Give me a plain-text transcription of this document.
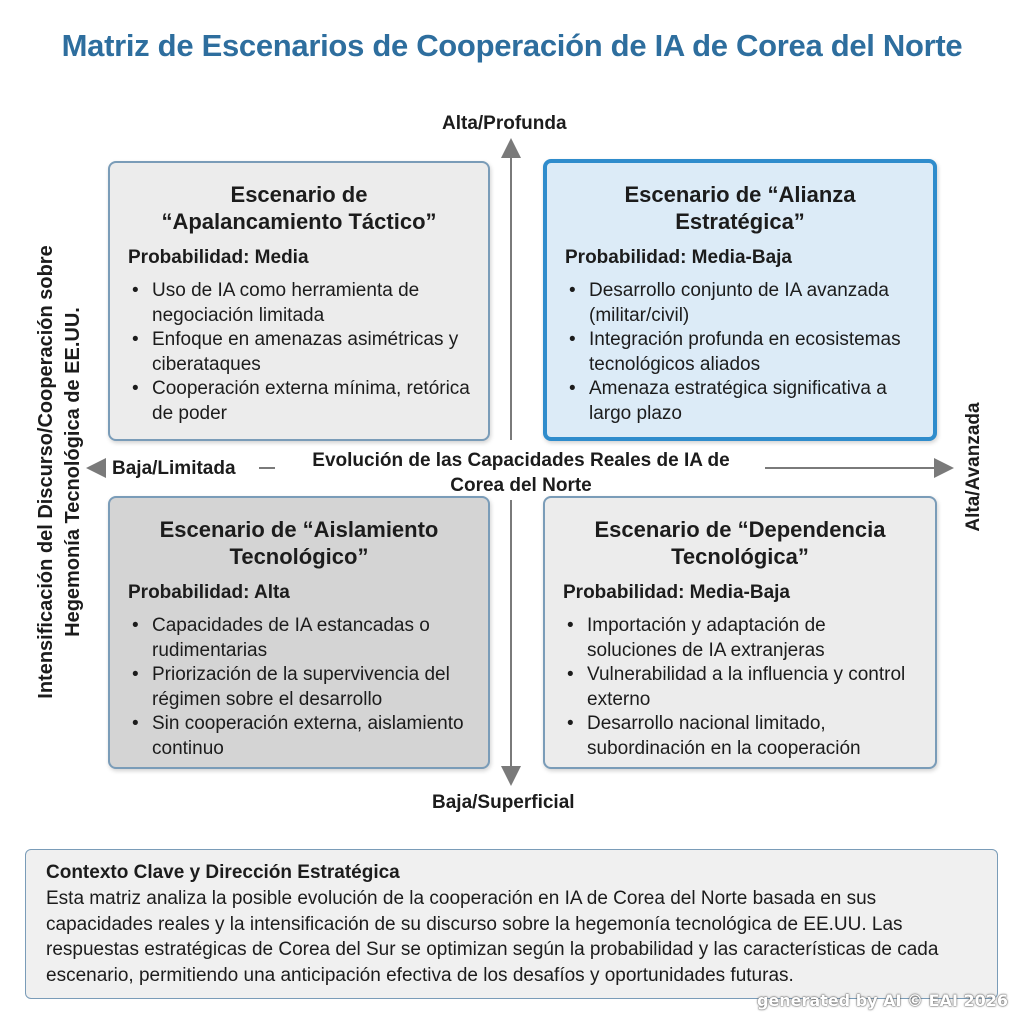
Matriz de Escenarios de Cooperación de IA de Corea del Norte
Alta/Profunda
Baja/Superficial
Baja/Limitada	Alta/Avanzada
Intensificación del Discurso/Cooperación sobre
Hegemonía Tecnológica de EE.UU.
Evolución de las Capacidades Reales de IA de
Corea del Norte
Escenario de
“Apalancamiento Táctico”
Probabilidad: Media
• Uso de IA como herramienta de negociación limitada
• Enfoque en amenazas asimétricas y ciberataques
• Cooperación externa mínima, retórica de poder
Escenario de “Alianza
Estratégica”
Probabilidad: Media-Baja
• Desarrollo conjunto de IA avanzada (militar/civil)
• Integración profunda en ecosistemas tecnológicos aliados
• Amenaza estratégica significativa a largo plazo
Escenario de “Aislamiento
Tecnológico”
Probabilidad: Alta
• Capacidades de IA estancadas o rudimentarias
• Priorización de la supervivencia del régimen sobre el desarrollo
• Sin cooperación externa, aislamiento continuo
Escenario de “Dependencia
Tecnológica”
Probabilidad: Media-Baja
• Importación y adaptación de soluciones de IA extranjeras
• Vulnerabilidad a la influencia y control externo
• Desarrollo nacional limitado, subordinación en la cooperación
Contexto Clave y Dirección Estratégica
Esta matriz analiza la posible evolución de la cooperación en IA de Corea del Norte basada en sus capacidades reales y la intensificación de su discurso sobre la hegemonía tecnológica de EE.UU. Las respuestas estratégicas de Corea del Sur se optimizan según la probabilidad y las características de cada escenario, permitiendo una anticipación efectiva de los desafíos y oportunidades futuras.
generated by AI © EAI 2026
